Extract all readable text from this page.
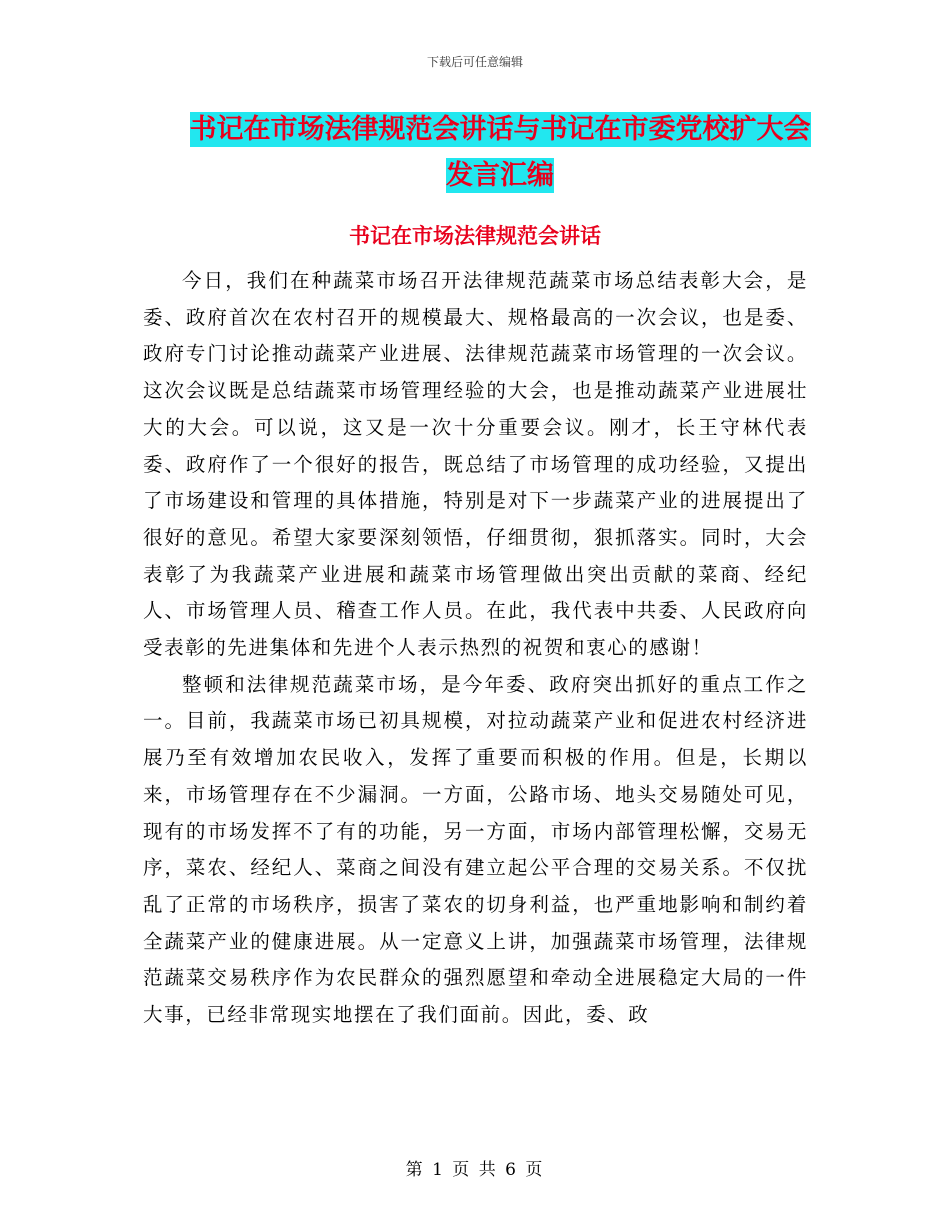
下载后可任意编辑
书记在市场法律规范会讲话与书记在市委党校扩大会
发言汇编
书记在市场法律规范会讲话

今日，我们在种蔬菜市场召开法律规范蔬菜市场总结表彰大会，是委、政府首次在农村召开的规模最大、规格最高的一次会议，也是委、政府专门讨论推动蔬菜产业进展、法律规范蔬菜市场管理的一次会议。这次会议既是总结蔬菜市场管理经验的大会，也是推动蔬菜产业进展壮大的大会。可以说，这又是一次十分重要会议。刚才，长王守林代表委、政府作了一个很好的报告，既总结了市场管理的成功经验，又提出了市场建设和管理的具体措施，特别是对下一步蔬菜产业的进展提出了很好的意见。希望大家要深刻领悟，仔细贯彻，狠抓落实。同时，大会表彰了为我蔬菜产业进展和蔬菜市场管理做出突出贡献的菜商、经纪人、市场管理人员、稽查工作人员。在此，我代表中共委、人民政府向受表彰的先进集体和先进个人表示热烈的祝贺和衷心的感谢！

整顿和法律规范蔬菜市场，是今年委、政府突出抓好的重点工作之一。目前，我蔬菜市场已初具规模，对拉动蔬菜产业和促进农村经济进展乃至有效增加农民收入，发挥了重要而积极的作用。但是，长期以来，市场管理存在不少漏洞。一方面，公路市场、地头交易随处可见，现有的市场发挥不了有的功能，另一方面，市场内部管理松懈，交易无序，菜农、经纪人、菜商之间没有建立起公平合理的交易关系。不仅扰乱了正常的市场秩序，损害了菜农的切身利益，也严重地影响和制约着全蔬菜产业的健康进展。从一定意义上讲，加强蔬菜市场管理，法律规范蔬菜交易秩序作为农民群众的强烈愿望和牵动全进展稳定大局的一件大事，已经非常现实地摆在了我们面前。因此，委、政

第 1 页 共 6 页
